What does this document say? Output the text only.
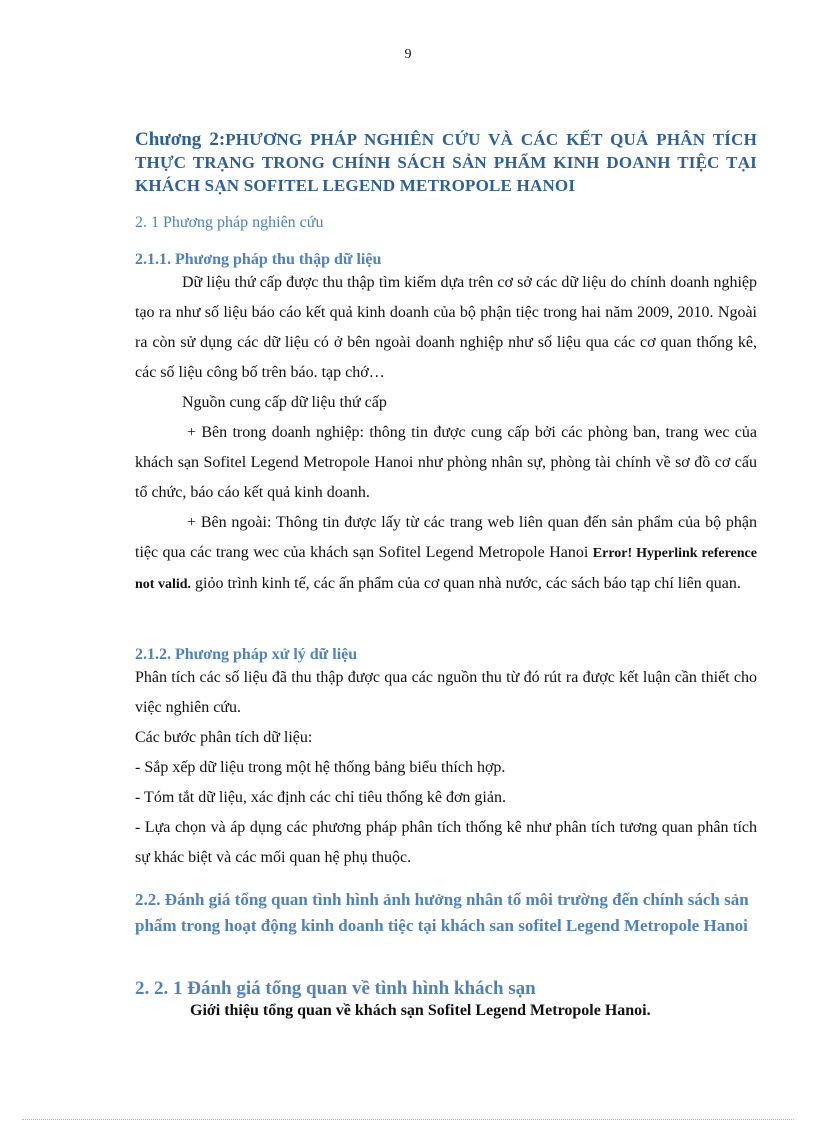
9
Chương 2:PHƯƠNG PHÁP NGHIÊN CỨU VÀ CÁC KẾT QUẢ PHÂN TÍCH THỰC TRẠNG TRONG CHÍNH SÁCH SẢN PHẨM KINH DOANH TIỆC TẠI KHÁCH SẠN SOFITEL LEGEND METROPOLE HANOI
2. 1 Phương pháp nghiên cứu
2.1.1. Phương pháp thu thập dữ liệu
Dữ liệu thứ cấp được thu thập tìm kiếm dựa trên cơ sở các dữ liệu do chính doanh nghiệp tạo ra như số liệu báo cáo kết quả kinh doanh của bộ phận tiệc trong hai năm 2009, 2010. Ngoài ra còn sử dụng các dữ liệu có ở bên ngoài doanh nghiệp như số liệu qua các cơ quan thống kê, các số liệu công bố trên báo. tạp chớ…
Nguồn cung cấp dữ liệu thứ cấp
+ Bên trong doanh nghiệp: thông tin được cung cấp bởi các phòng ban, trang wec của khách sạn Sofitel Legend Metropole Hanoi như phòng nhân sự, phòng tài chính về sơ đồ cơ cấu tổ chức, báo cáo kết quả kinh doanh.
+ Bên ngoài: Thông tin được lấy từ các trang web liên quan đến sản phẩm của bộ phận tiệc qua các trang wec của khách sạn Sofitel Legend Metropole Hanoi Error! Hyperlink reference not valid. giỏo trình kinh tế, các ấn phẩm của cơ quan nhà nước, các sách báo tạp chí liên quan.
2.1.2. Phương pháp xử lý dữ liệu
Phân tích các số liệu đã thu thập được qua các nguồn thu từ đó rút ra được kết luận cần thiết cho việc nghiên cứu.
Các bước phân tích dữ liệu:
- Sắp xếp dữ liệu trong một hệ thống bảng biểu thích hợp.
- Tóm tắt dữ liệu, xác định các chỉ tiêu thống kê đơn giản.
- Lựa chọn và áp dụng các phương pháp phân tích thống kê như phân tích tương quan phân tích sự khác biệt và các mối quan hệ phụ thuộc.
2.2. Đánh giá tổng quan tình hình ảnh hưởng nhân tố môi trường đến chính sách sản phẩm trong hoạt động kinh doanh tiệc tại khách san sofitel Legend Metropole Hanoi
2. 2. 1 Đánh giá tổng quan về tình hình khách sạn
Giới thiệu tổng quan về khách sạn Sofitel Legend Metropole Hanoi.
